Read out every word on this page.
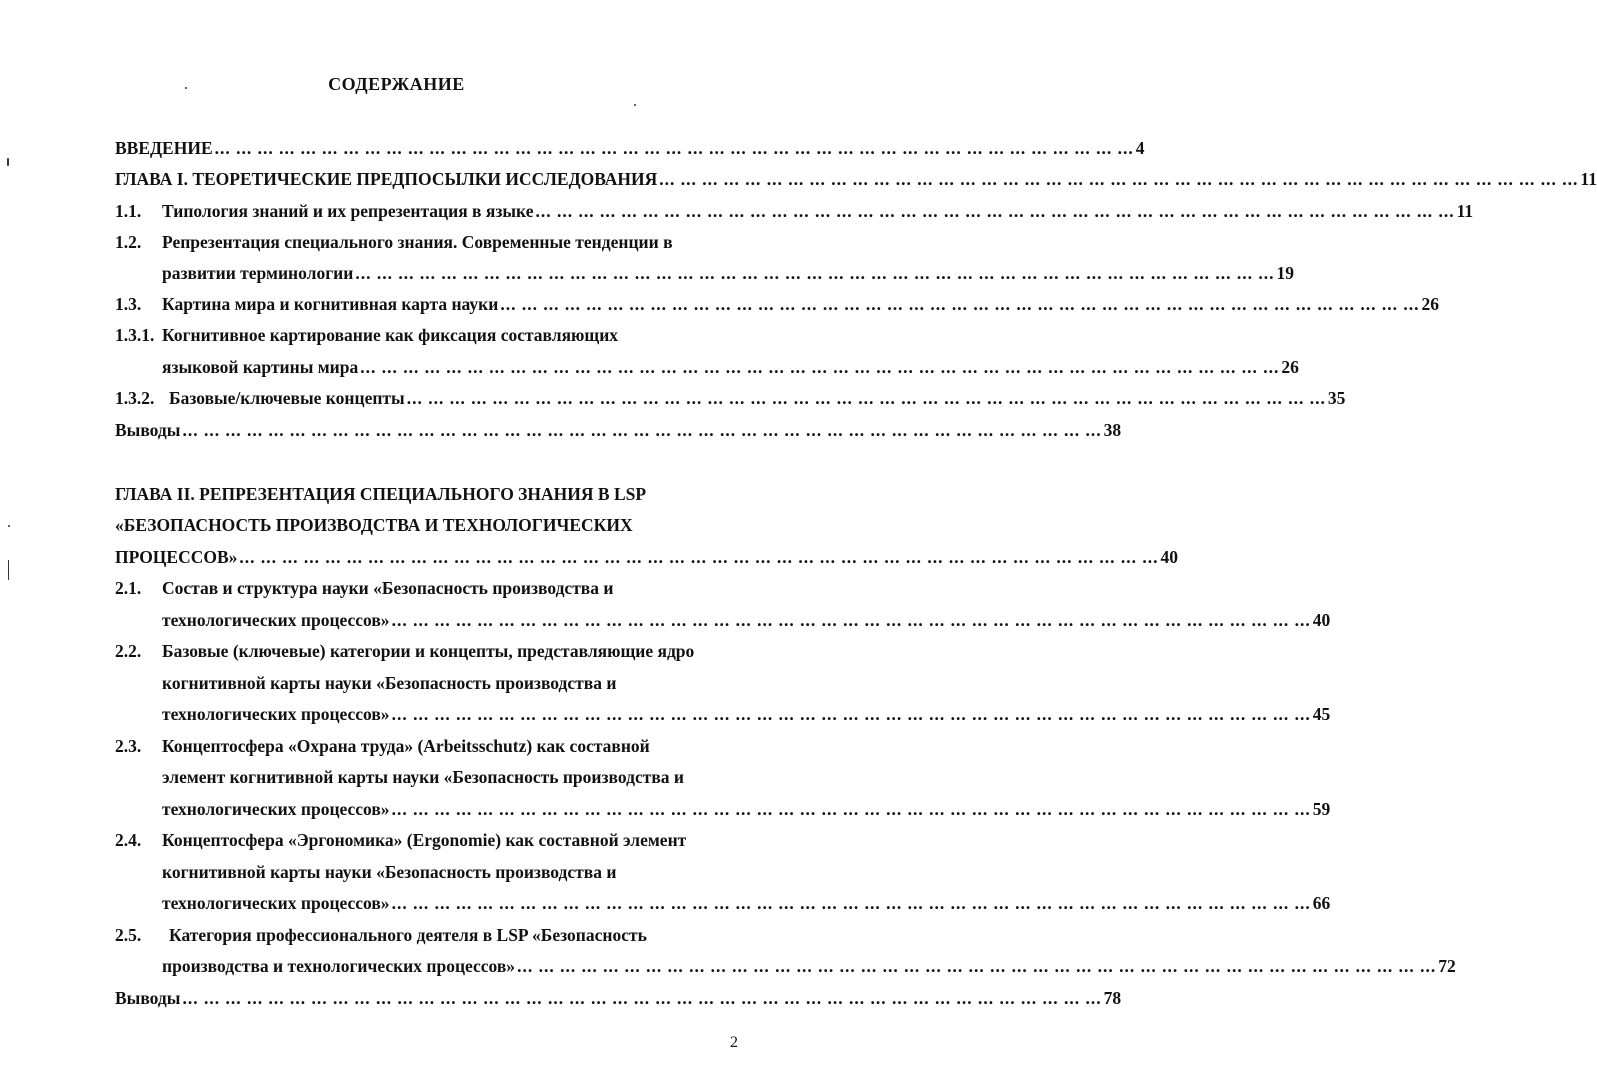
СОДЕРЖАНИЕ
ВВЕДЕНИЕ ... .	4
ГЛАВА I. ТЕОРЕТИЧЕСКИЕ ПРЕДПОСЫЛКИ ИССЛЕДОВАНИЯ ... .	11
1.1. Типология знаний и их репрезентация в языке ... .	11
1.2. Репрезентация специального знания. Современные тенденции в
развитии терминологии ... .	19
1.3. Картина мира и когнитивная карта науки ... .	26
1.3.1. Когнитивное картирование как фиксация составляющих
языковой картины мира ... .	26
1.3.2. Базовые/ключевые концепты ... .	35
Выводы ... .	38
ГЛАВА II. РЕПРЕЗЕНТАЦИЯ СПЕЦИАЛЬНОГО ЗНАНИЯ В LSP
«БЕЗОПАСНОСТЬ ПРОИЗВОДСТВА И ТЕХНОЛОГИЧЕСКИХ
ПРОЦЕССОВ» ... .	40
2.1. Состав и структура науки «Безопасность производства и
технологических процессов» ... .	40
2.2. Базовые (ключевые) категории и концепты, представляющие ядро
когнитивной карты науки «Безопасность производства и
технологических процессов» ... .	45
2.3. Концептосфера «Охрана труда» (Arbeitsschutz) как составной
элемент когнитивной карты науки «Безопасность производства и
технологических процессов» ... .	59
2.4. Концептосфера «Эргономика» (Ergonomie) как составной элемент
когнитивной карты науки «Безопасность производства и
технологических процессов» ... .	66
2.5. Категория профессионального деятеля в LSP «Безопасность
производства и технологических процессов» ... .	72
Выводы ... .	78
2
